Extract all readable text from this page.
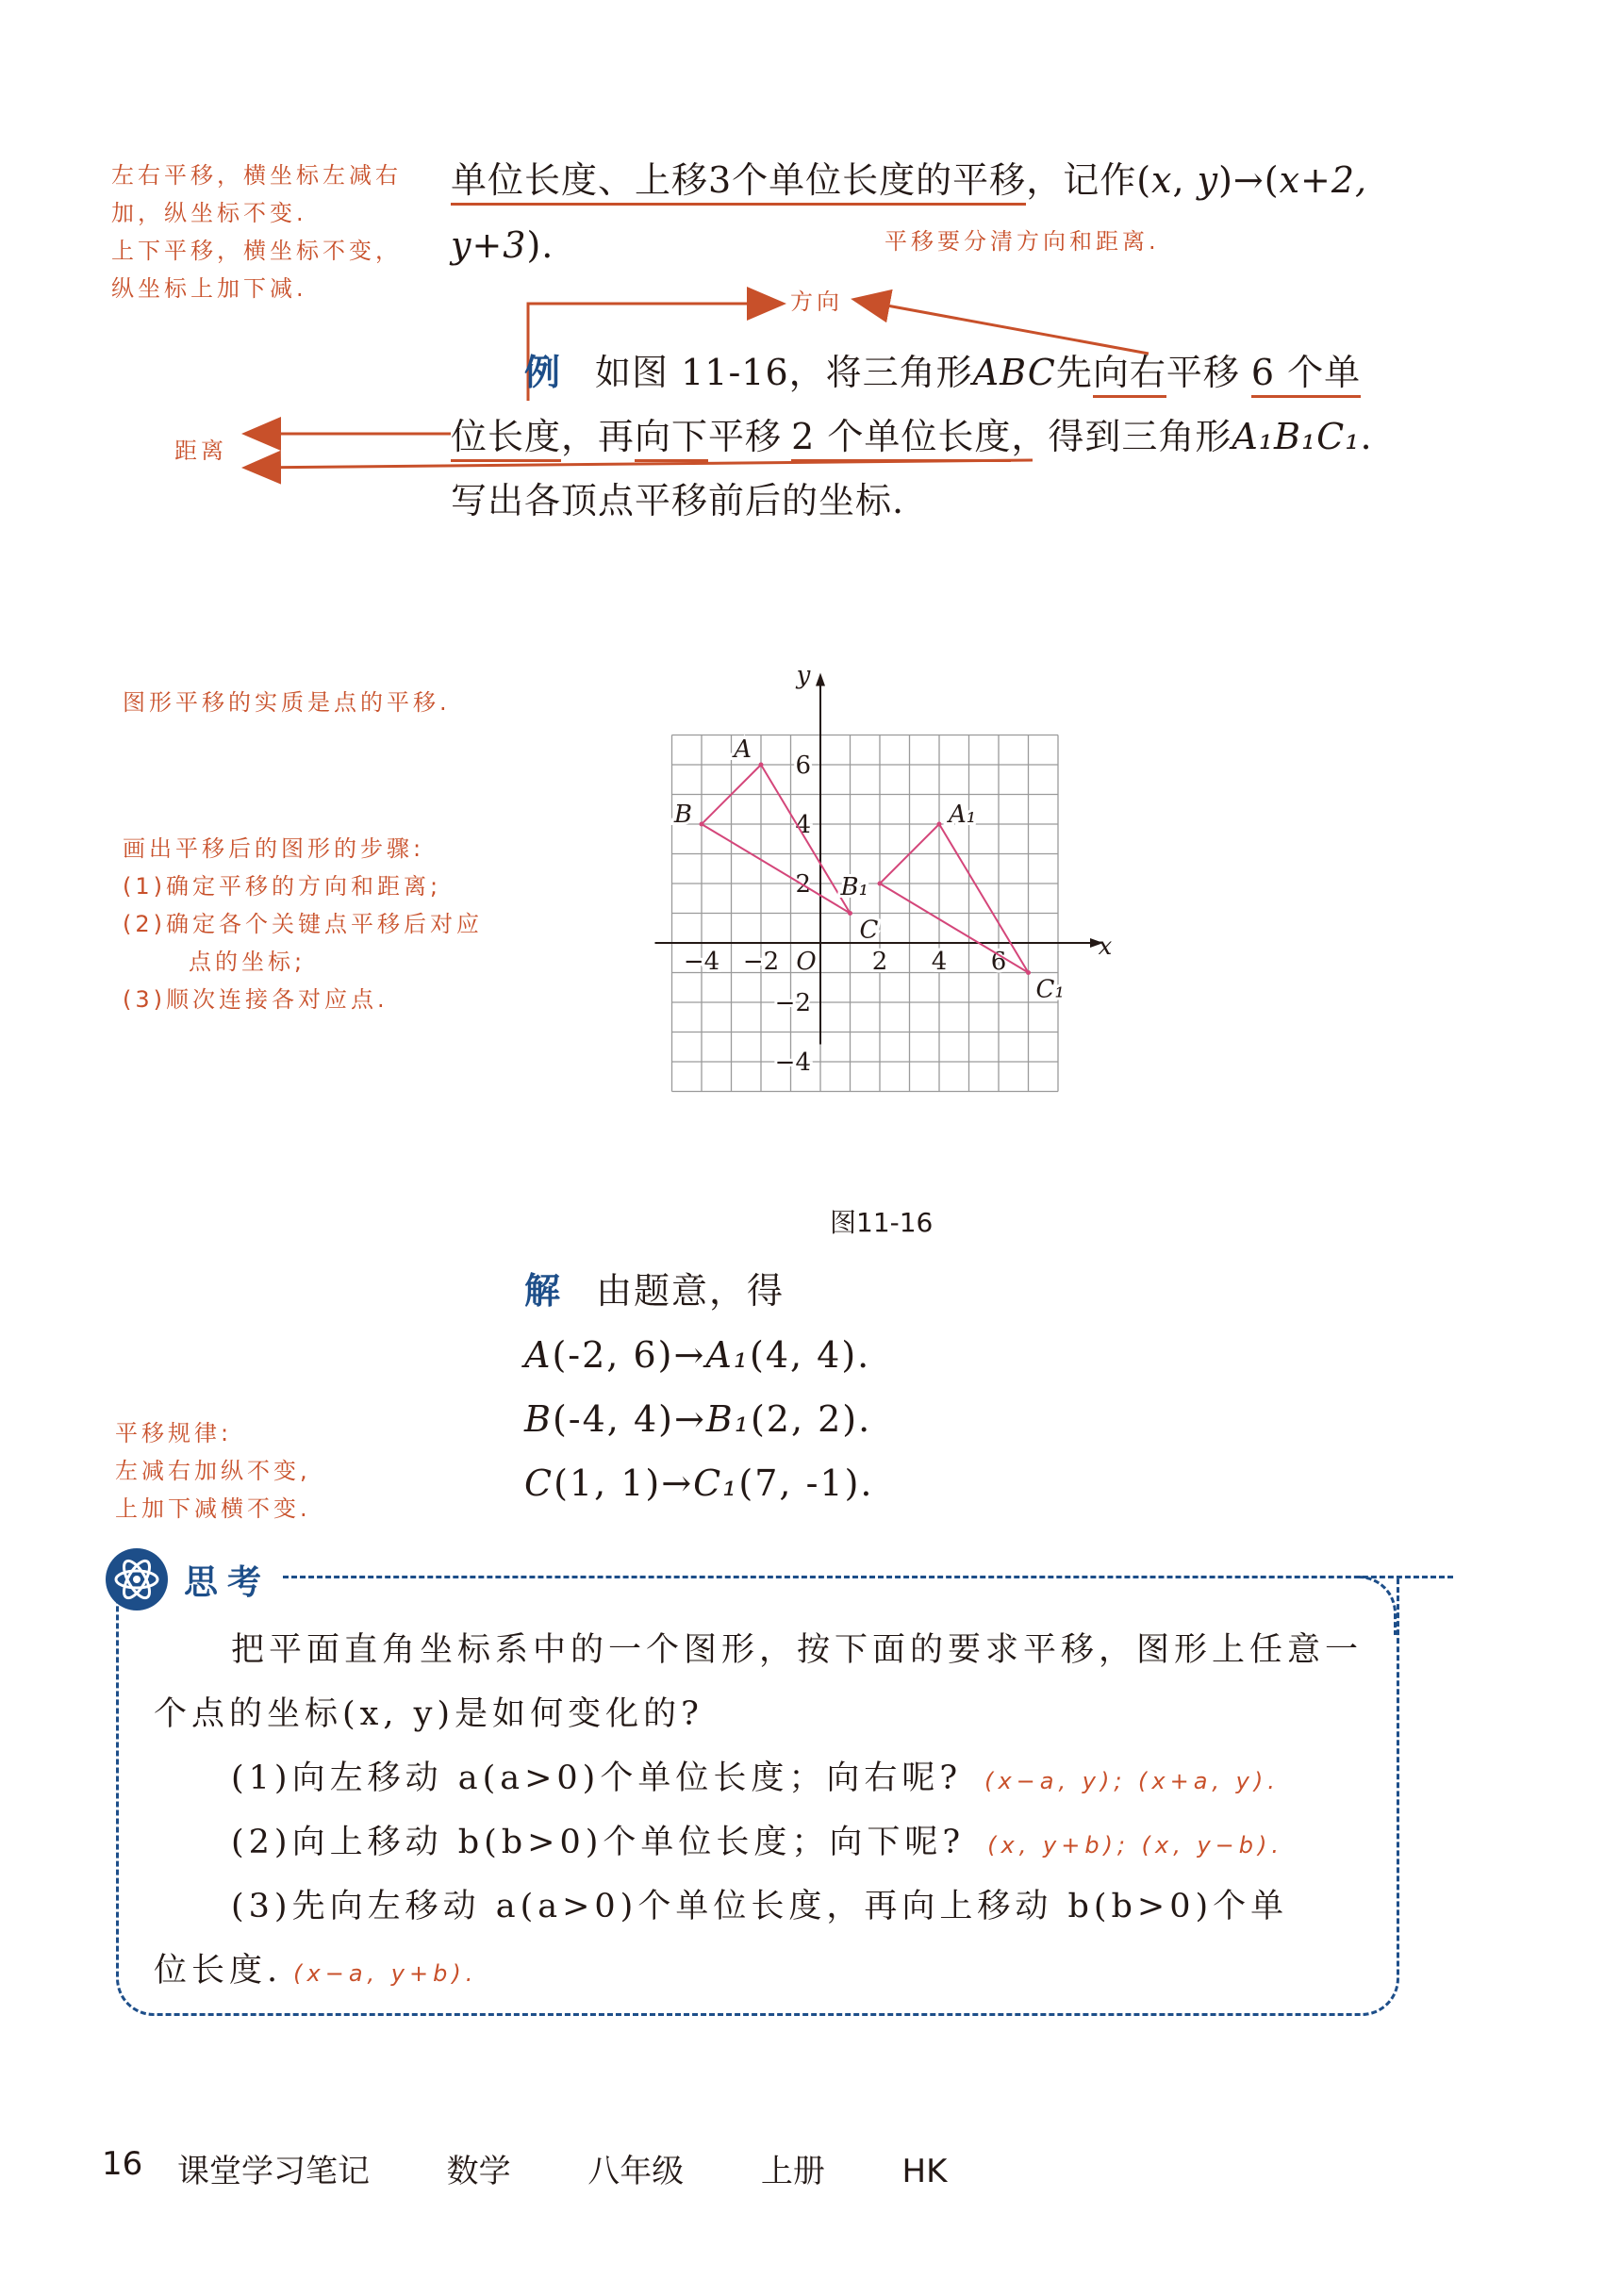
左右平移，横坐标左减右
加，纵坐标不变.
上下平移，横坐标不变，
纵坐标上加下减.
平移要分清方向和距离.
单位长度、上移3个单位长度的平移，记作(x, y)→(x+2,
y+3).
方向
距离
例 如图 11-16，将三角形ABC先向右平移 6 个单
位长度，再向下平移 2 个单位长度，得到三角形A₁B₁C₁.
写出各顶点平移前后的坐标.
图形平移的实质是点的平移.
画出平移后的图形的步骤:
(1)确定平移的方向和距离;
(2)确定各个关键点平移后对应
点的坐标;
(3)顺次连接各对应点.
x
y
O
−4 −2	2 4 6
6
4
2
−2
−4
A
B
C
A₁
B₁
C₁
图11-16
解 由题意，得
A(-2, 6)→A₁(4, 4).
B(-4, 4)→B₁(2, 2).
C(1, 1)→C₁(7, -1).
平移规律:
左减右加纵不变,
上加下减横不变.
思考
把平面直角坐标系中的一个图形，按下面的要求平移，图形上任意一
个点的坐标(x, y)是如何变化的?
(1)向左移动 a(a>0)个单位长度；向右呢? (x−a, y); (x+a, y).
(2)向上移动 b(b>0)个单位长度；向下呢? (x, y+b); (x, y−b).
(3)先向左移动 a(a>0)个单位长度，再向上移动 b(b>0)个单
位长度. (x−a, y+b).
16 课堂学习笔记 数学 八年级 上册 HK
